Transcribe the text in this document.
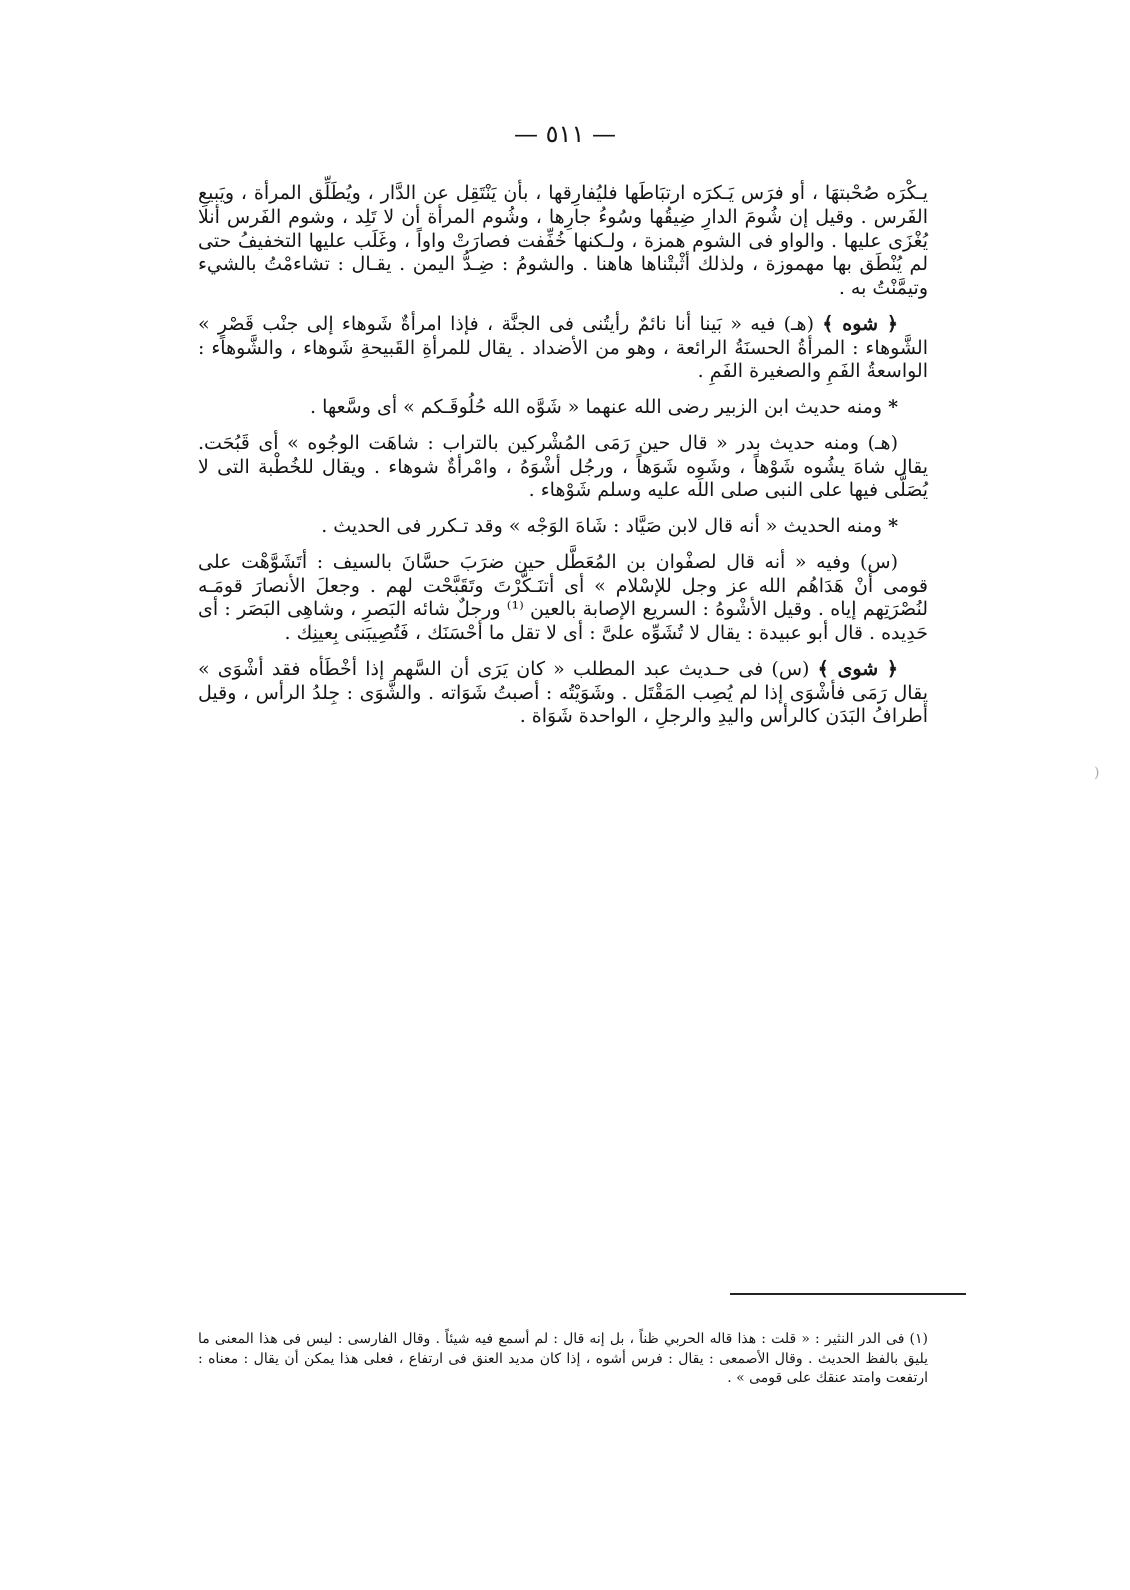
— ٥١١ —

يـكْرَه صُحْبتهَا ، أو فرَس يَـكرَه ارتبَاطَها فليُفارِقها ، بأن يَنْتَقِل عن الدَّار ، ويُطَلِّق المرأة ، ويَبيعِ الفَرس . وقيل إن شُومَ الدارِ ضِيقُها وسُوءُ جارِها ، وشُوم المرأة أن لا تَلِد ، وشوم الفَرس أنلا يُغْزَى عليها . والواو فى الشوم همزة ، ولـكنها خُفِّفت فصارَتْ واواً ، وغَلَب عليها التخفيفُ حتى لم يُنْطَق بها مهموزة ، ولذلك أثْبتْناها هاهنا . والشومُ : ضِـدُّ اليمن . يقـال : تشاءمْتُ بالشيء وتيمَّنْتُ به .

﴿ شوه ﴾ (هـ) فيه « بَينا أنا نائمٌ رأيتُنى فى الجنَّة ، فإذا امرأةٌ شَوهاء إلى جنْب قَصْرٍ » الشَّوهاء : المرأةُ الحسنَةُ الرائعة ، وهو من الأضداد . يقال للمرأةِ القَبيحةِ شَوهاء ، والشَّوهاء : الواسعةُ الفَمِ والصغيرة الفَمِ .

* ومنه حديث ابن الزبير رضى الله عنهما « شَوَّه الله حُلُوقَـكم » أى وسَّعها .

(هـ) ومنه حديث بدر « قال حين رَمَى المُشْركين بالتراب : شاهَت الوجُوه » أى قَبُحَت. يقال شاهَ يشُوه شَوْهاً ، وشَوِه شَوَهاً ، ورجُل أشْوَهُ ، وامْرأةٌ شوهاء . ويقال للخُطْبة التى لا يُصَلَّى فيها على النبى صلى الله عليه وسلم شَوْهاء .

* ومنه الحديث « أنه قال لابن صَيَّاد : شَاهَ الوَجْه » وقد تـكرر فى الحديث .

(س) وفيه « أنه قال لصفْوان بن المُعَطَّل حين ضرَبَ حسَّانَ بالسيف : أتَشَوَّهْت على قومى أنْ هَدَاهُم الله عز وجل للإسْلام » أى أتنَـكَّرْتَ وتَقَبَّحْت لهم . وجعلَ الأنصارَ قومَـه لنُصْرَتِهم إياه . وقيل الأشْوهُ : السريع الإصابة بالعين ⁽¹⁾ ورجلٌ شائه البَصرِ ، وشاهِى البَصَر : أى حَدِيده . قال أبو عبيدة : يقال لا تُشَوِّه علىَّ : أى لا تقل ما أحْسَنَك ، فَتُصِيبَنى بِعينِك .

﴿ شوى ﴾ (س) فى حـديث عبد المطلب « كان يَرَى أن السَّهم إذا أخْطَأه فقد أشْوَى » يقال رَمَى فأشْوَى إذا لم يُصِب المَقْتَل . وشَوَيْتُه : أصبتُ شَوَاته . والشَّوَى : جِلدُ الرأس ، وقيل أطرافُ البَدَن كالرأس واليدِ والرجلِ ، الواحدة شَوَاة .

(١) فى الدر النثير : « قلت : هذا قاله الحربي ظناً ، بل إنه قال : لم أسمع فيه شيئاً . وقال الفارسى : ليس فى هذا المعنى ما يليق بالفظ الحديث . وقال الأصمعى : يقال : فرس أشوه ، إذا كان مديد العنق فى ارتفاع ، فعلى هذا يمكن أن يقال : معناه : ارتفعت وامتد عنقك على قومى » .
)
